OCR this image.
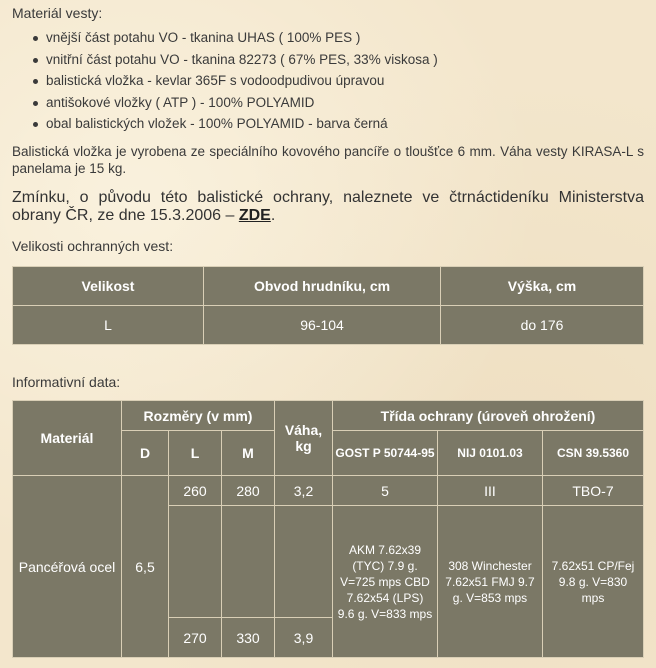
Materiál vesty:
vnější část potahu VO - tkanina UHAS ( 100% PES )
vnitřní část potahu VO - tkanina 82273 ( 67% PES, 33% viskosa )
balistická vložka - kevlar 365F s vodoodpudivou úpravou
antišokové vložky ( ATP ) - 100% POLYAMID
obal balistických vložek - 100% POLYAMID - barva černá

Balistická vložka je vyrobena ze speciálního kovového pancíře o tloušťce 6 mm. Váha vesty KIRASA-L s panelama je 15 kg.

Zmínku, o původu této balistické ochrany, naleznete ve čtrnáctideníku Ministerstva obrany ČR, ze dne 15.3.2006 – ZDE.

Velikosti ochranných vest:
Velikost	Obvod hrudníku, cm	Výška, cm
L	96-104	do 176
Informativní data:
Materiál	Rozměry (v mm)			Váha, kg	Třída ochrany (úroveň ohrožení)		
	D	L	M		GOST P 50744-95	NIJ 0101.03	CSN 39.5360
Pancéřová ocel	6,5	260	280	3,2	5	III	TBO-7
					AKM 7.62x39 (TYC) 7.9 g. V=725 mps CBD 7.62x54 (LPS) 9.6 g. V=833 mps	308 Winchester 7.62x51 FMJ 9.7 g. V=853 mps	7.62x51 CP/Fej 9.8 g. V=830 mps
		270	330	3,9			
